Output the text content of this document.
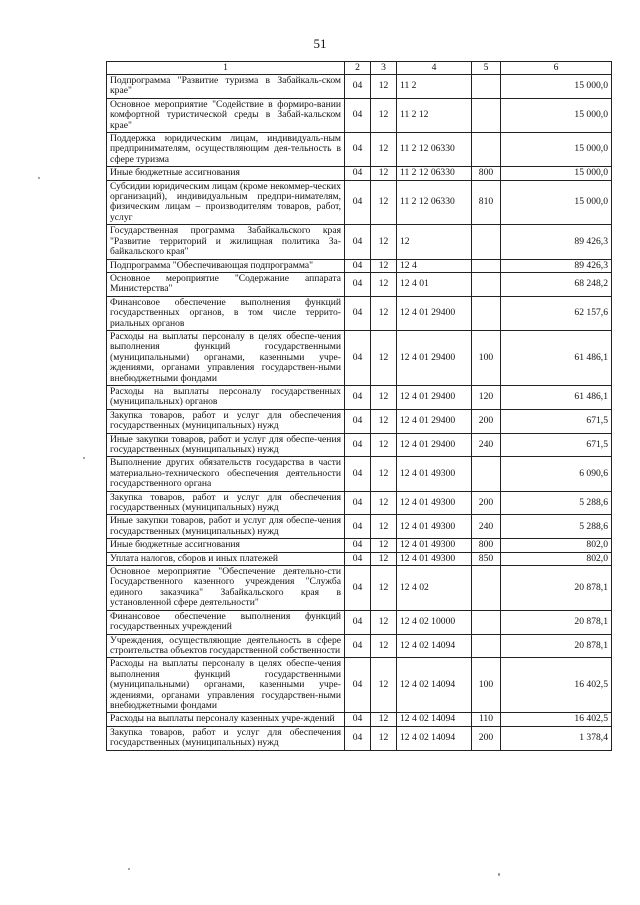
51
1	2	3	4	5	6
Подпрограмма "Развитие туризма в Забайкаль-ском крае"	04	12	11 2		15 000,0
Основное мероприятие "Содействие в формиро-вании комфортной туристической среды в Забай-кальском крае"	04	12	11 2 12		15 000,0
Поддержка юридическим лицам, индивидуаль-ным предпринимателям, осуществляющим дея-тельность в сфере туризма	04	12	11 2 12 06330		15 000,0
Иные бюджетные ассигнования	04	12	11 2 12 06330	800	15 000,0
Субсидии юридическим лицам (кроме некоммер-ческих организаций), индивидуальным предпри-нимателям, физическим лицам – производителям товаров, работ, услуг	04	12	11 2 12 06330	810	15 000,0
Государственная программа Забайкальского края "Развитие территорий и жилищная политика За-байкальского края"	04	12	12		89 426,3
Подпрограмма "Обеспечивающая подпрограмма"	04	12	12 4		89 426,3
Основное мероприятие "Содержание аппарата Министерства"	04	12	12 4 01		68 248,2
Финансовое обеспечение выполнения функций государственных органов, в том числе террито-риальных органов	04	12	12 4 01 29400		62 157,6
Расходы на выплаты персоналу в целях обеспе-чения выполнения функций государственными (муниципальными) органами, казенными учре-ждениями, органами управления государствен-ными внебюджетными фондами	04	12	12 4 01 29400	100	61 486,1
Расходы на выплаты персоналу государственных (муниципальных) органов	04	12	12 4 01 29400	120	61 486,1
Закупка товаров, работ и услуг для обеспечения государственных (муниципальных) нужд	04	12	12 4 01 29400	200	671,5
Иные закупки товаров, работ и услуг для обеспе-чения государственных (муниципальных) нужд	04	12	12 4 01 29400	240	671,5
Выполнение других обязательств государства в части материально-технического обеспечения деятельности государственного органа	04	12	12 4 01 49300		6 090,6
Закупка товаров, работ и услуг для обеспечения государственных (муниципальных) нужд	04	12	12 4 01 49300	200	5 288,6
Иные закупки товаров, работ и услуг для обеспе-чения государственных (муниципальных) нужд	04	12	12 4 01 49300	240	5 288,6
Иные бюджетные ассигнования	04	12	12 4 01 49300	800	802,0
Уплата налогов, сборов и иных платежей	04	12	12 4 01 49300	850	802,0
Основное мероприятие "Обеспечение деятельно-сти Государственного казенного учреждения "Служба единого заказчика" Забайкальского края в установленной сфере деятельности"	04	12	12 4 02		20 878,1
Финансовое обеспечение выполнения функций государственных учреждений	04	12	12 4 02 10000		20 878,1
Учреждения, осуществляющие деятельность в сфере строительства объектов государственной собственности	04	12	12 4 02 14094		20 878,1
Расходы на выплаты персоналу в целях обеспе-чения выполнения функций государственными (муниципальными) органами, казенными учре-ждениями, органами управления государствен-ными внебюджетными фондами	04	12	12 4 02 14094	100	16 402,5
Расходы на выплаты персоналу казенных учре-ждений	04	12	12 4 02 14094	110	16 402,5
Закупка товаров, работ и услуг для обеспечения государственных (муниципальных) нужд	04	12	12 4 02 14094	200	1 378,4
